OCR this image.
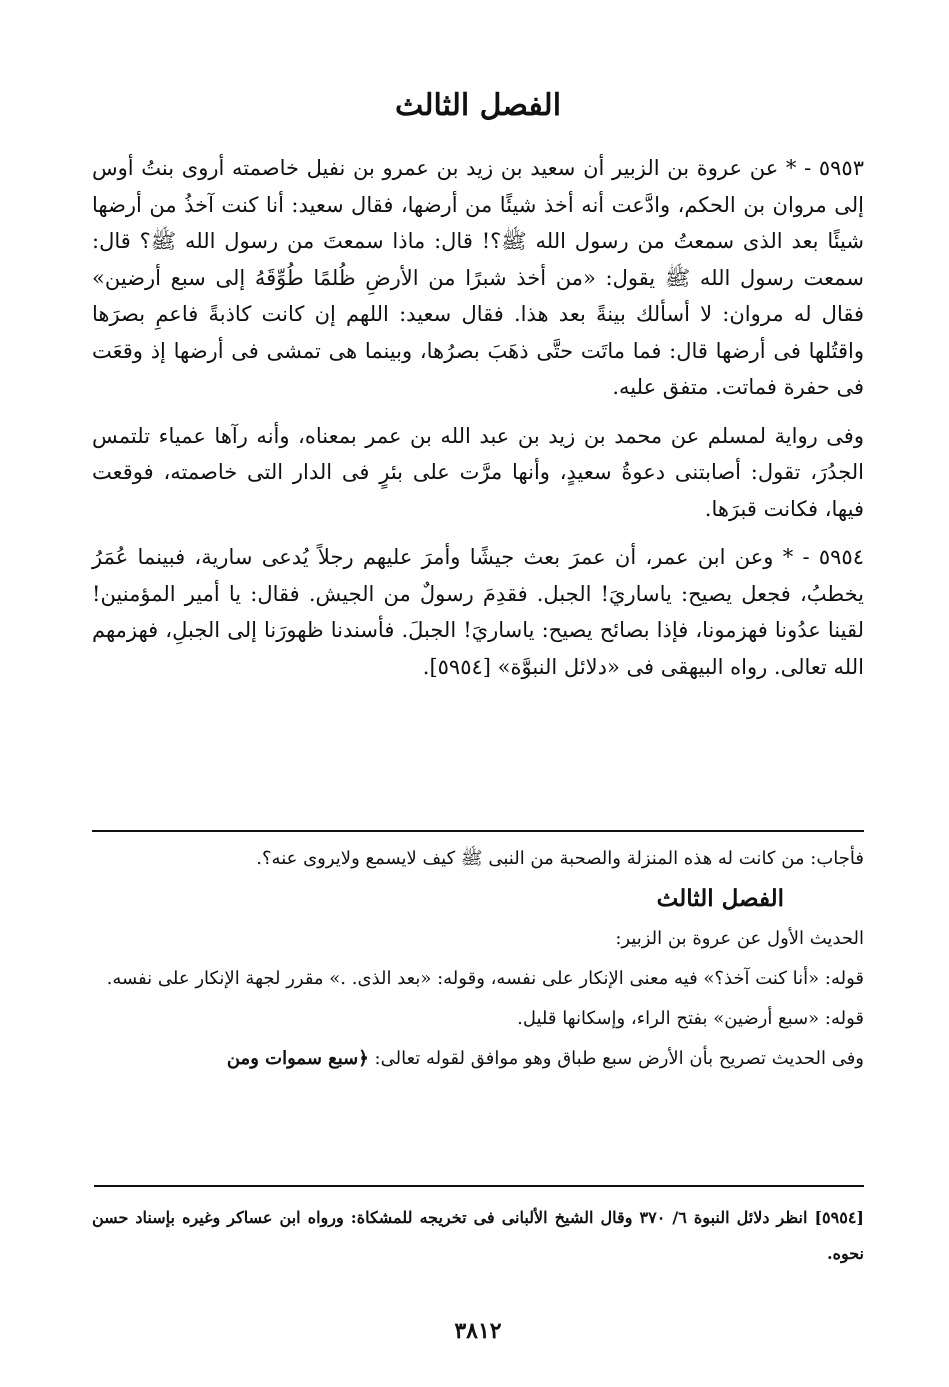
الفصل الثالث

٥٩٥٣ - * عن عروة بن الزبير أن سعيد بن زيد بن عمرو بن نفيل خاصمته أروى بنتُ أوس إلى مروان بن الحكم، وادَّعت أنه أخذ شيئًا من أرضها، فقال سعيد: أنا كنت آخذُ من أرضها شيئًا بعد الذى سمعتُ من رسول الله ﷺ؟! قال: ماذا سمعتَ من رسول الله ﷺ؟ قال: سمعت رسول الله ﷺ يقول: «من أخذ شبرًا من الأرضِ ظُلمًا طُوِّقَهُ إلى سبع أرضين» فقال له مروان: لا أسألك بينةً بعد هذا. فقال سعيد: اللهم إن كانت كاذبةً فاعمِ بصرَها واقتُلها فى أرضها قال: فما ماتَت حتَّى ذهَبَ بصرُها، وبينما هى تمشى فى أرضها إذ وقعَت فى حفرة فماتت. متفق عليه.

وفى رواية لمسلم عن محمد بن زيد بن عبد الله بن عمر بمعناه، وأنه رآها عمياء تلتمس الجدُرَ، تقول: أصابتنى دعوةُ سعيدٍ، وأنها مرَّت على بئرٍ فى الدار التى خاصمته، فوقعت فيها، فكانت قبرَها.

٥٩٥٤ - * وعن ابن عمر، أن عمرَ بعث جيشًا وأمرَ عليهم رجلاً يُدعى سارية، فبينما عُمَرُ يخطبُ، فجعل يصيح: ياساريَ! الجبل. فقدِمَ رسولٌ من الجيش. فقال: يا أمير المؤمنين! لقينا عدُونا فهزمونا، فإذا بصائح يصيح: ياساريَ! الجبلَ. فأسندنا ظهورَنا إلى الجبلِ، فهزمهم الله تعالى. رواه البيهقى فى «دلائل النبوَّة» [٥٩٥٤].

فأجاب: من كانت له هذه المنزلة والصحبة من النبى ﷺ كيف لايسمع ولايروى عنه؟.

الفصل الثالث

الحديث الأول عن عروة بن الزبير:

قوله: «أنا كنت آخذ؟» فيه معنى الإنكار على نفسه، وقوله: «بعد الذى. .» مقرر لجهة الإنكار على نفسه.

قوله: «سبع أرضين» بفتح الراء، وإسكانها قليل.

وفى الحديث تصريح بأن الأرض سبع طباق وهو موافق لقوله تعالى: ﴿سبع سموات ومن

[٥٩٥٤] انظر دلائل النبوة ٦/ ٣٧٠ وقال الشيخ الألبانى فى تخريجه للمشكاة: ورواه ابن عساكر وغيره بإسناد حسن نحوه.

٣٨١٢
